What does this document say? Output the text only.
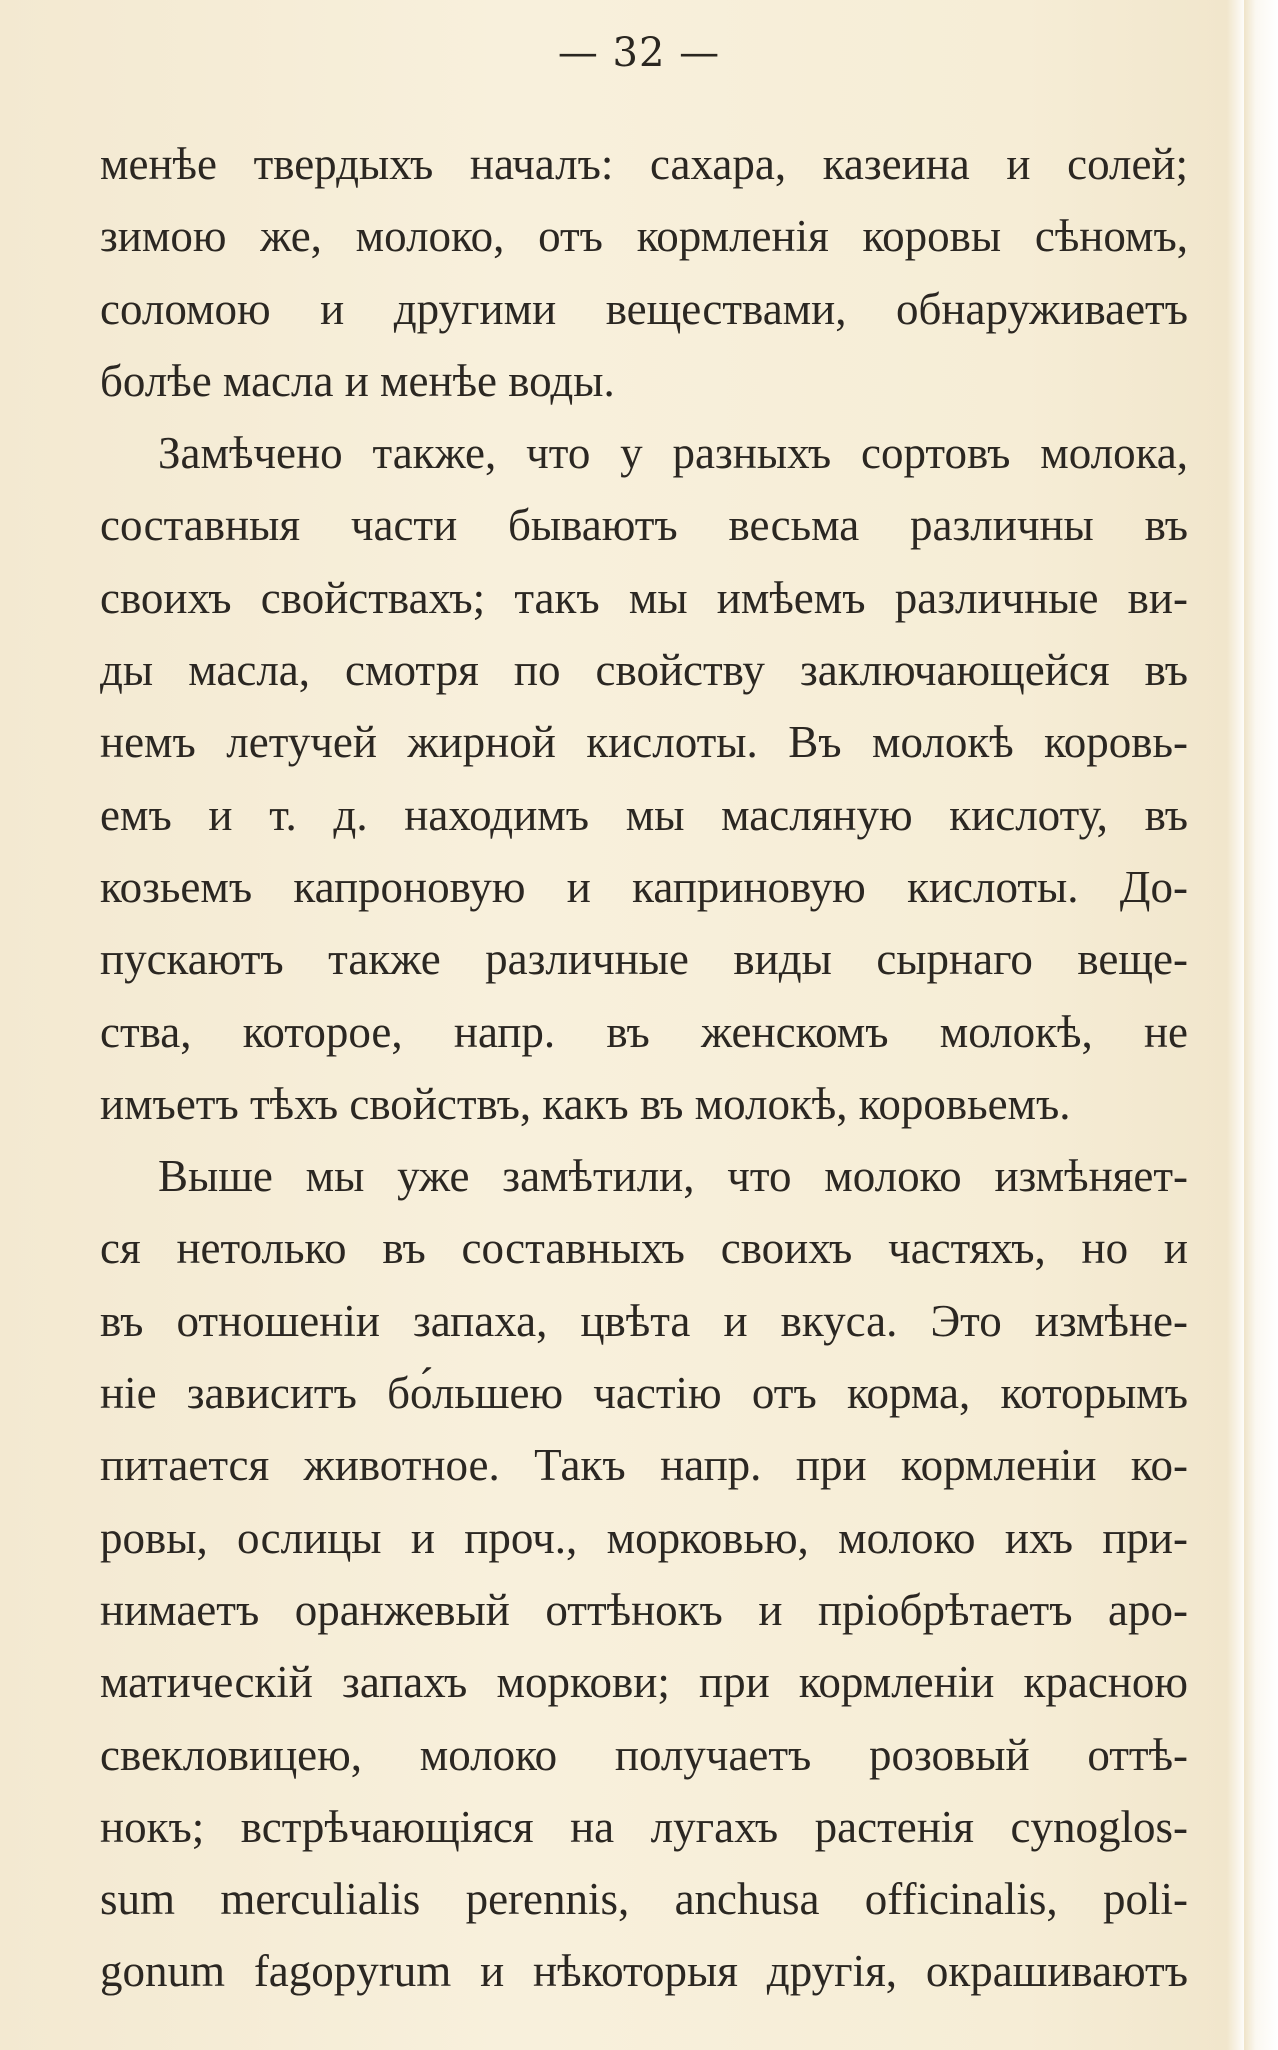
— 32 —
менѣе твердыхъ началъ: сахара, казеина и солей;
зимою же, молоко, отъ кормленія коровы сѣномъ,
соломою и другими веществами, обнаруживаетъ
болѣе масла и менѣе воды.
Замѣчено также, что у разныхъ сортовъ молока,
составныя части бываютъ весьма различны въ
своихъ свойствахъ; такъ мы имѣемъ различные ви-
ды масла, смотря по свойству заключающейся въ
немъ летучей жирной кислоты. Въ молокѣ коровь-
емъ и т. д. находимъ мы масляную кислоту, въ
козьемъ капроновую и каприновую кислоты. До-
пускаютъ также различные виды сырнаго веще-
ства, которое, напр. въ женскомъ молокѣ, не
имъетъ тѣхъ свойствъ, какъ въ молокѣ, коровьемъ.
Выше мы уже замѣтили, что молоко измѣняет-
ся нетолько въ составныхъ своихъ частяхъ, но и
въ отношеніи запаха, цвѣта и вкуса. Это измѣне-
ніе зависитъ бо́льшею частію отъ корма, которымъ
питается животное. Такъ напр. при кормленіи ко-
ровы, ослицы и проч., морковью, молоко ихъ при-
нимаетъ оранжевый оттѣнокъ и пріобрѣтаетъ аро-
матическій запахъ моркови; при кормленіи красною
свекловицею, молоко получаетъ розовый оттѣ-
нокъ; встрѣчающіяся на лугахъ растенія cynoglos-
sum merculialis perennis, anchusa officinalis, poli-
gonum fagopyrum и нѣкоторыя другія, окрашиваютъ
